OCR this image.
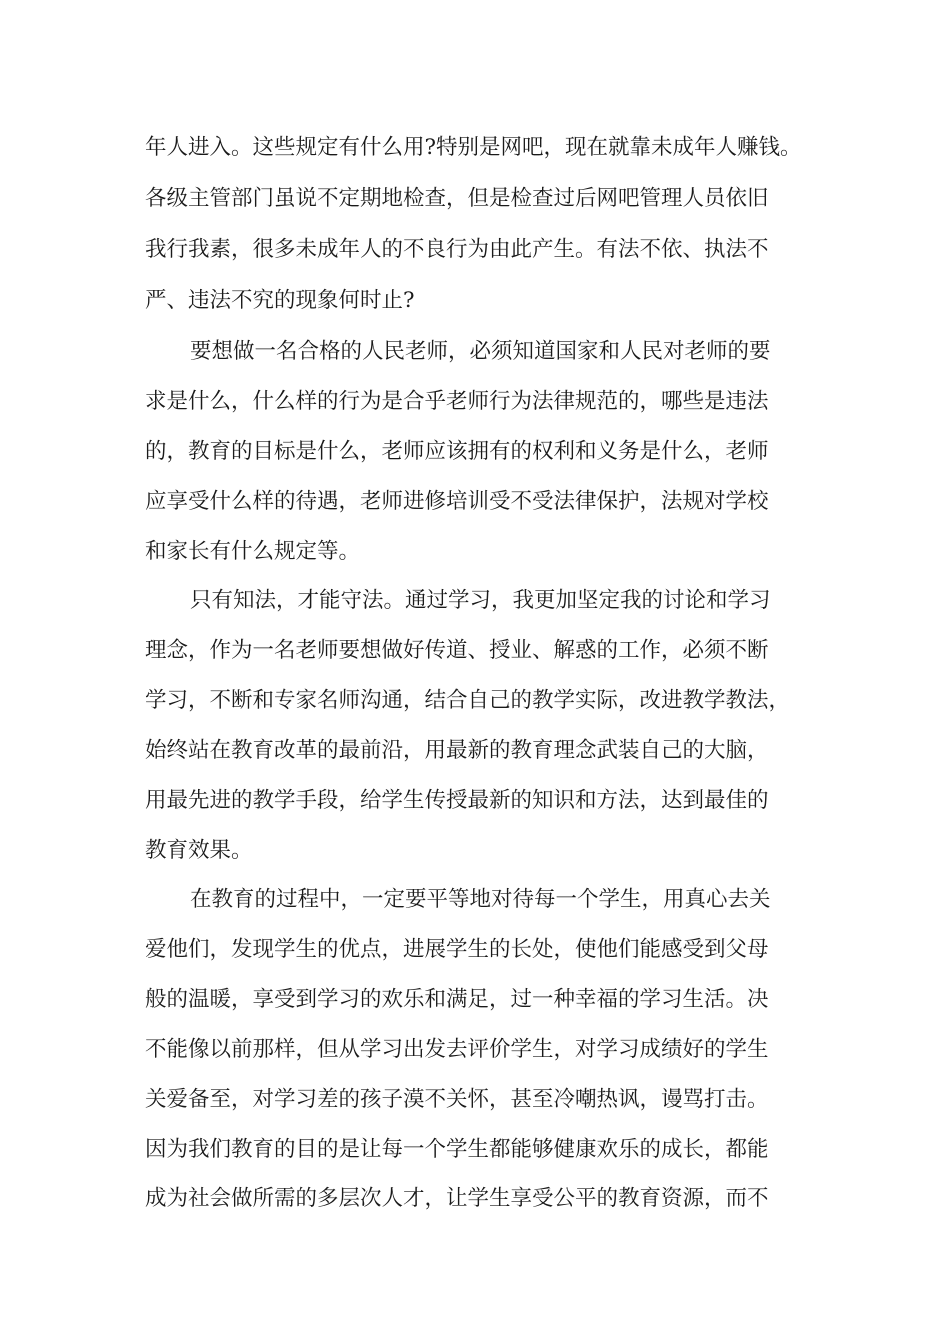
年人进入。这些规定有什么用?特别是网吧，现在就靠未成年人赚钱。
各级主管部门虽说不定期地检查，但是检查过后网吧管理人员依旧
我行我素，很多未成年人的不良行为由此产生。有法不依、执法不
严、违法不究的现象何时止?
要想做一名合格的人民老师，必须知道国家和人民对老师的要
求是什么，什么样的行为是合乎老师行为法律规范的，哪些是违法
的，教育的目标是什么，老师应该拥有的权利和义务是什么，老师
应享受什么样的待遇，老师进修培训受不受法律保护，法规对学校
和家长有什么规定等。
只有知法，才能守法。通过学习，我更加坚定我的讨论和学习
理念，作为一名老师要想做好传道、授业、解惑的工作，必须不断
学习，不断和专家名师沟通，结合自己的教学实际，改进教学教法，
始终站在教育改革的最前沿，用最新的教育理念武装自己的大脑，
用最先进的教学手段，给学生传授最新的知识和方法，达到最佳的
教育效果。
在教育的过程中，一定要平等地对待每一个学生，用真心去关
爱他们，发现学生的优点，进展学生的长处，使他们能感受到父母
般的温暖，享受到学习的欢乐和满足，过一种幸福的学习生活。决
不能像以前那样，但从学习出发去评价学生，对学习成绩好的学生
关爱备至，对学习差的孩子漠不关怀，甚至冷嘲热讽，谩骂打击。
因为我们教育的目的是让每一个学生都能够健康欢乐的成长，都能
成为社会做所需的多层次人才，让学生享受公平的教育资源，而不
